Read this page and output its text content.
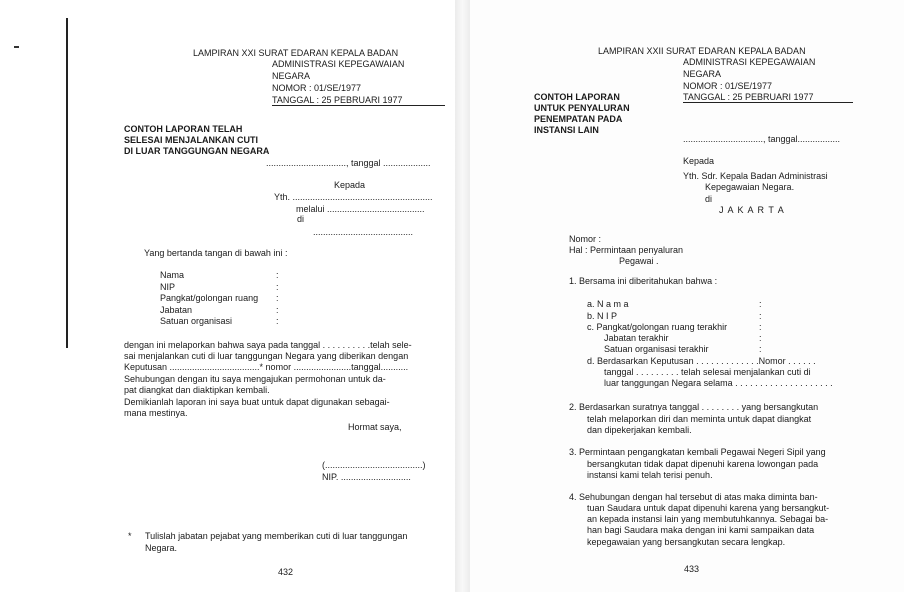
LAMPIRAN XXI SURAT EDARAN KEPALA BADAN
ADMINISTRASI KEPEGAWAIAN
NEGARA
NOMOR : 01/SE/1977
TANGGAL : 25 PEBRUARI 1977
CONTOH LAPORAN TELAH
SELESAI MENJALANKAN CUTI
DI LUAR TANGGUNGAN NEGARA
................................, tanggal ...................
Kepada
Yth. ........................................................
melalui .......................................
di
........................................
Yang bertanda tangan di bawah ini :
Nama
NIP
Pangkat/golongan ruang
Jabatan
Satuan organisasi
:
:
:
:
:
dengan ini melaporkan bahwa saya pada tanggal . . . . . . . . . .telah sele-
sai menjalankan cuti di luar tanggungan Negara yang diberikan dengan
Keputusan ....................................* nomor .......................tanggal...........
Sehubungan dengan itu saya mengajukan permohonan untuk da-
pat diangkat dan diaktipkan kembali.
Demikianlah laporan ini saya buat untuk dapat digunakan sebagai-
mana mestinya.
Hormat saya,
(.......................................)
NIP. ............................
* Tulislah jabatan pejabat yang memberikan cuti di luar tanggungan
Negara.
432
LAMPIRAN XXII SURAT EDARAN KEPALA BADAN
ADMINISTRASI KEPEGAWAIAN
NEGARA
NOMOR : 01/SE/1977
TANGGAL : 25 PEBRUARI 1977
CONTOH LAPORAN
UNTUK PENYALURAN
PENEMPATAN PADA
INSTANSI LAIN
................................, tanggal.................
Kepada
Yth. Sdr. Kepala Badan Administrasi
Kepegawaian Negara.
di
J A K A R T A
Nomor :
Hal : Permintaan penyaluran
Pegawai .
1. Bersama ini diberitahukan bahwa :
a. N a m a
b. N I P
c. Pangkat/golongan ruang terakhir
Jabatan terakhir
Satuan organisasi terakhir
d. Berdasarkan Keputusan . . . . . . . . . . . . .Nomor . . . . . .
tanggal . . . . . . . . . telah selesai menjalankan cuti di
luar tanggungan Negara selama . . . . . . . . . . . . . . . . . . . .
:
:
:
:
:
2. Berdasarkan suratnya tanggal . . . . . . . . yang bersangkutan
telah melaporkan diri dan meminta untuk dapat diangkat
dan dipekerjakan kembali.
3. Permintaan pengangkatan kembali Pegawai Negeri Sipil yang
bersangkutan tidak dapat dipenuhi karena lowongan pada
instansi kami telah terisi penuh.
4. Sehubungan dengan hal tersebut di atas maka diminta ban-
tuan Saudara untuk dapat dipenuhi karena yang bersangkut-
an kepada instansi lain yang membutuhkannya. Sebagai ba-
han bagi Saudara maka dengan ini kami sampaikan data
kepegawaian yang bersangkutan secara lengkap.
433
